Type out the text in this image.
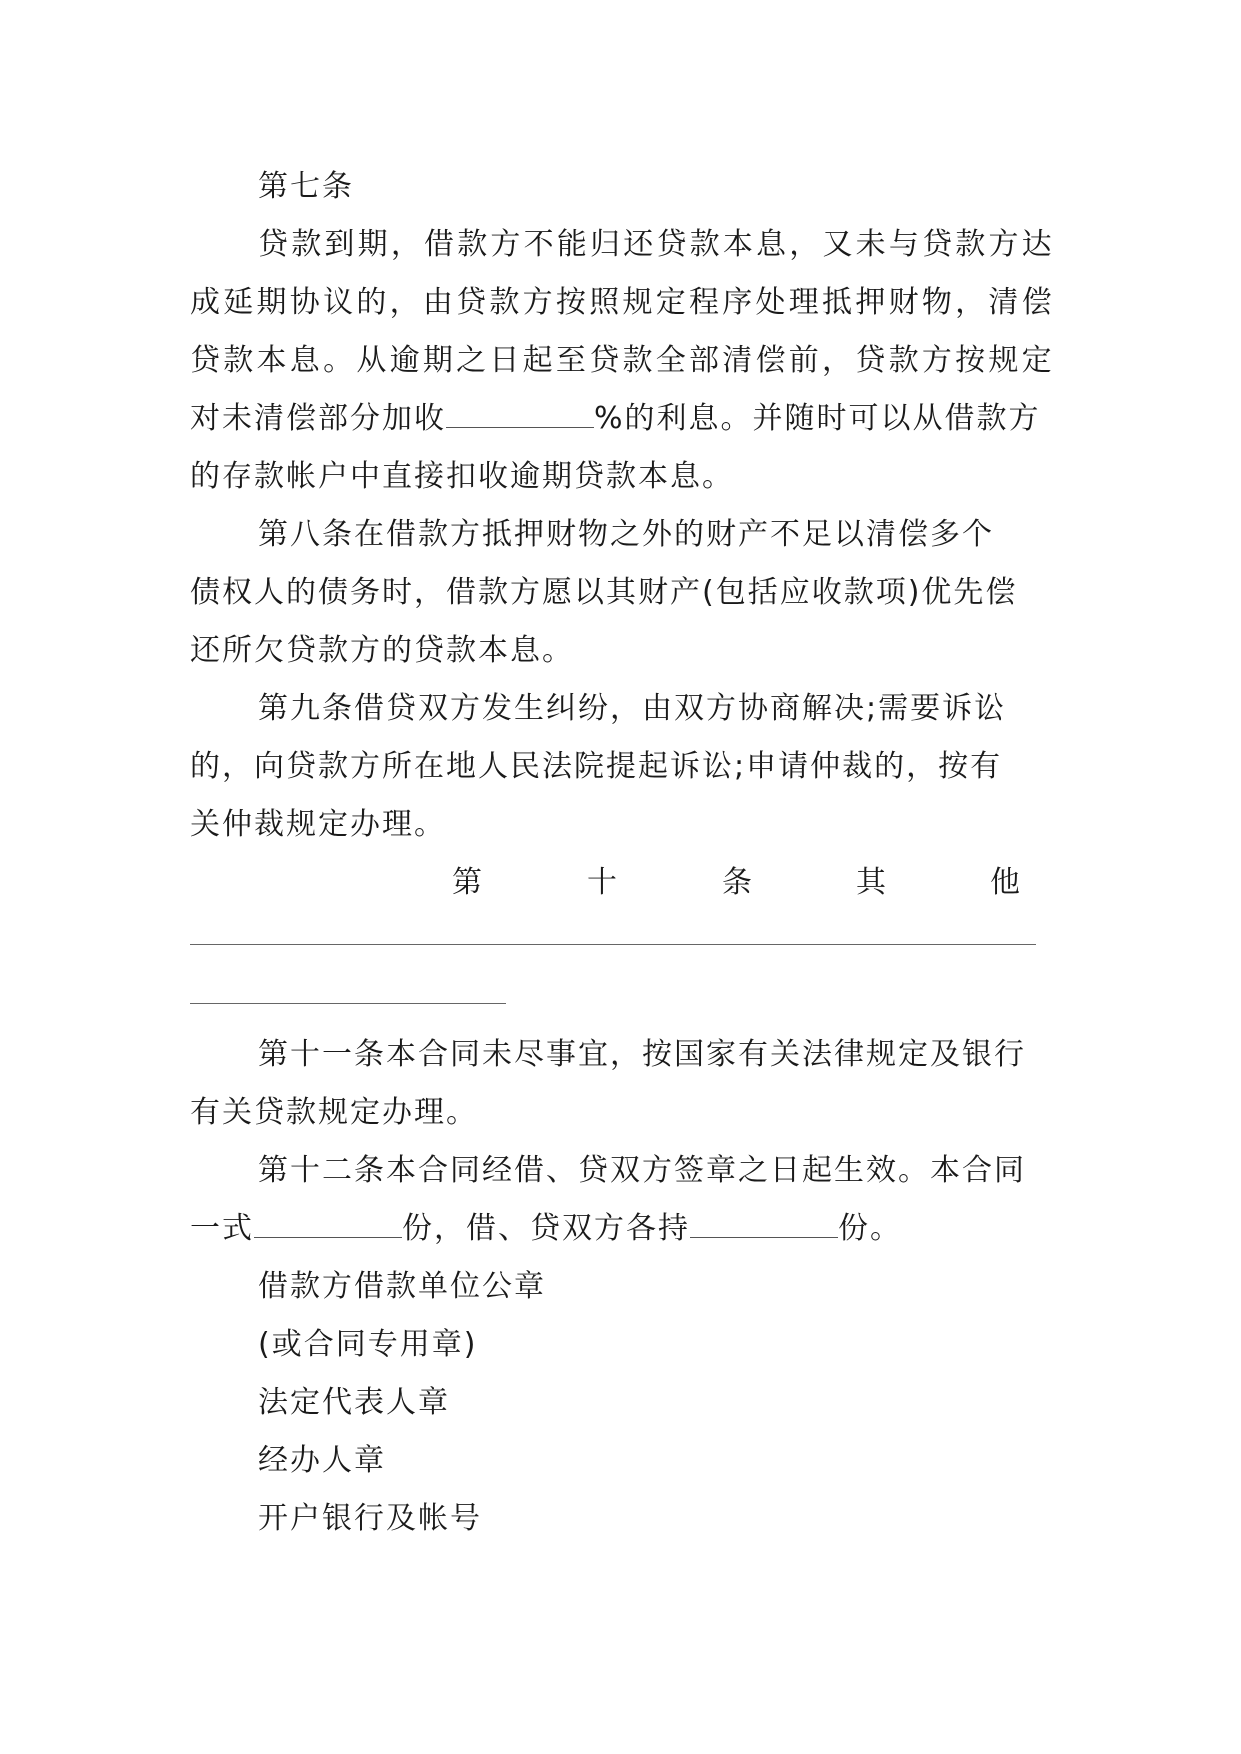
第七条
贷 款 到 期 ， 借 款 方 不 能 归 还 贷 款 本 息 ， 又 未 与 贷 款 方 达
成 延 期 协 议 的 ， 由 贷 款 方 按 照 规 定 程 序 处 理 抵 押 财 物 ， 清 偿
贷 款 本 息 。 从 逾 期 之 日 起 至 贷 款 全 部 清 偿 前 ， 贷 款 方 按 规 定
对未清偿部分加收	%的利息。并随时可以从借款方
的存款帐户中直接扣收逾期贷款本息。
第八条在借款方抵押财物之外的财产不足以清偿多个
债权人的债务时，借款方愿以其财产(包括应收款项)优先偿
还所欠贷款方的贷款本息。
第九条借贷双方发生纠纷，由双方协商解决;需要诉讼
的，向贷款方所在地人民法院提起诉讼;申请仲裁的，按有
关仲裁规定办理。
第	十	条	其	他
第十一条本合同未尽事宜，按国家有关法律规定及银行
有关贷款规定办理。
第十二条本合同经借、贷双方签章之日起生效。本合同
一式	份，借、贷双方各持	份。
借款方借款单位公章
(或合同专用章)
法定代表人章
经办人章
开户银行及帐号
